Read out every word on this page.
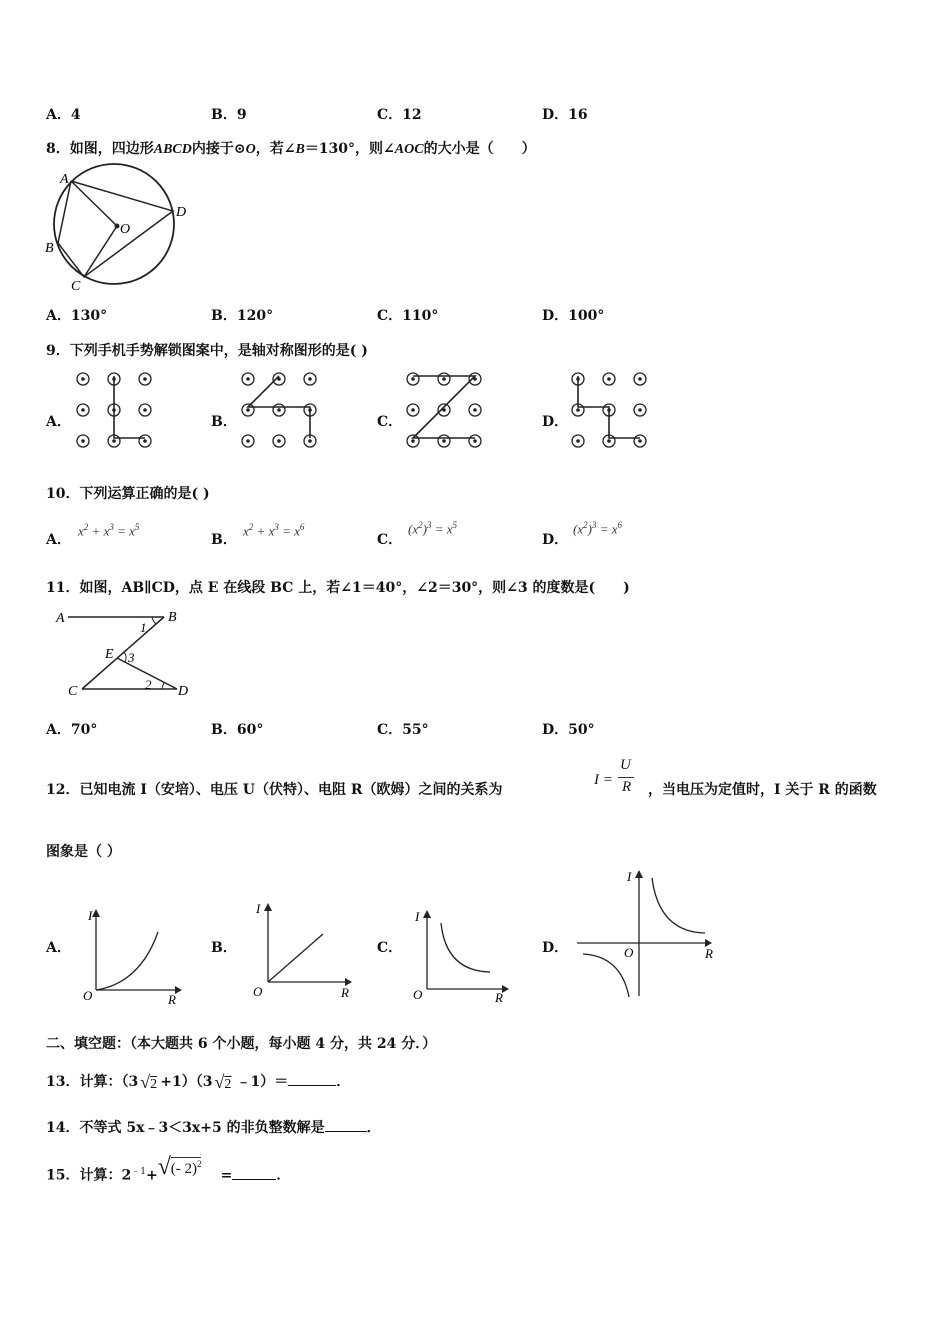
A．4	B．9	C．12	D．16
8．如图，四边形ABCD内接于⊙O，若∠B＝130°，则∠AOC的大小是（　　）
A
B
C
D
O
A．130°	B．120°	C．110°	D．100°
9．下列手机手势解锁图案中，是轴对称图形的是( )
A．	B．	C．	D．
10．下列运算正确的是( )
A．
$x^2 + x^3 = x^5$
B．
$x^2 + x^3 = x^6$
C．
$(x^2)^3 = x^5$
D．
$(x^2)^3 = x^6$
11．如图，AB∥CD，点 E 在线段 BC 上，若∠1＝40°，∠2＝30°，则∠3 的度数是(　　)
A	B
C	D
E
1
2
3
A．70°	B．60°	C．55°	D．50°
12．已知电流 I（安培）、电压 U（伏特）、电阻 R（欧姆）之间的关系为
I =
U
R ，当电压为定值时，I 关于 R 的函数
图象是（ ）
A．
I
R
O
B．
I
R
O
C．
I
R
O
D．
I
R
O
二、填空题：（本大题共 6 个小题，每小题 4 分，共 24 分．）
13．计算：（3 √2 +1）（3 √2 ﹣1）＝	．
14．不等式 5x﹣3＜3x+5 的非负整数解是	．
15．计算：$2^{﹣1}+$ √ (- 2)$^2$
=	．
